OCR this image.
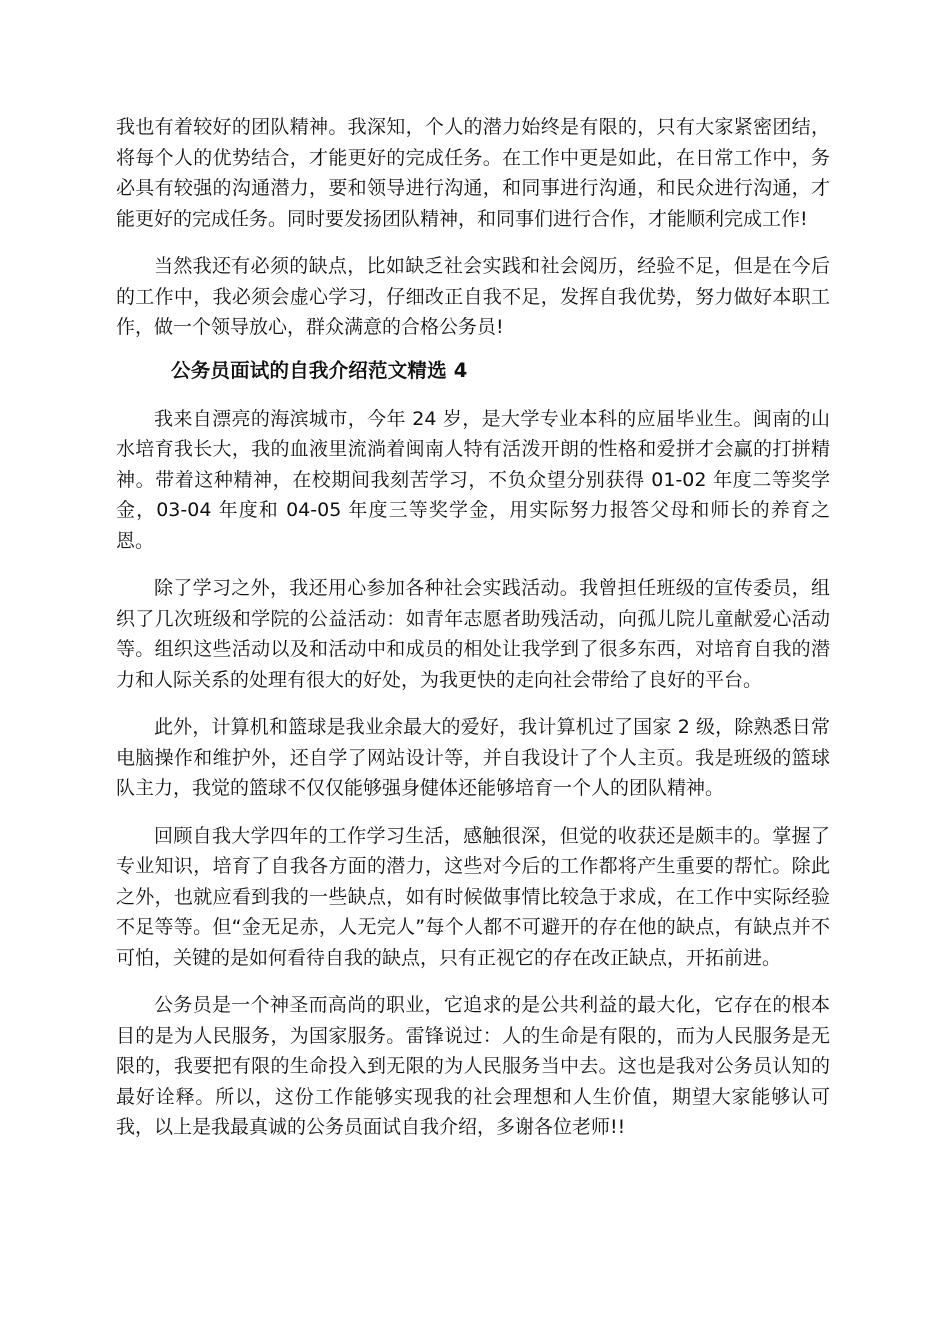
我也有着较好的团队精神。我深知，个人的潜力始终是有限的，只有大家紧密团结，将每个人的优势结合，才能更好的完成任务。在工作中更是如此，在日常工作中，务必具有较强的沟通潜力，要和领导进行沟通，和同事进行沟通，和民众进行沟通，才能更好的完成任务。同时要发扬团队精神，和同事们进行合作，才能顺利完成工作!

当然我还有必须的缺点，比如缺乏社会实践和社会阅历，经验不足，但是在今后的工作中，我必须会虚心学习，仔细改正自我不足，发挥自我优势，努力做好本职工作，做一个领导放心，群众满意的合格公务员!

公务员面试的自我介绍范文精选 4

我来自漂亮的海滨城市，今年 24 岁，是大学专业本科的应届毕业生。闽南的山水培育我长大，我的血液里流淌着闽南人特有活泼开朗的性格和爱拼才会赢的打拼精神。带着这种精神，在校期间我刻苦学习，不负众望分别获得 01-02 年度二等奖学金，03-04 年度和 04-05 年度三等奖学金，用实际努力报答父母和师长的养育之恩。

除了学习之外，我还用心参加各种社会实践活动。我曾担任班级的宣传委员，组织了几次班级和学院的公益活动：如青年志愿者助残活动，向孤儿院儿童献爱心活动等。组织这些活动以及和活动中和成员的相处让我学到了很多东西，对培育自我的潜力和人际关系的处理有很大的好处，为我更快的走向社会带给了良好的平台。

此外，计算机和篮球是我业余最大的爱好，我计算机过了国家 2 级，除熟悉日常电脑操作和维护外，还自学了网站设计等，并自我设计了个人主页。我是班级的篮球队主力，我觉的篮球不仅仅能够强身健体还能够培育一个人的团队精神。

回顾自我大学四年的工作学习生活，感触很深，但觉的收获还是颇丰的。掌握了专业知识，培育了自我各方面的潜力，这些对今后的工作都将产生重要的帮忙。除此之外，也就应看到我的一些缺点，如有时候做事情比较急于求成，在工作中实际经验不足等等。但“金无足赤，人无完人”每个人都不可避开的存在他的缺点，有缺点并不可怕，关键的是如何看待自我的缺点，只有正视它的存在改正缺点，开拓前进。

公务员是一个神圣而高尚的职业，它追求的是公共利益的最大化，它存在的根本目的是为人民服务，为国家服务。雷锋说过：人的生命是有限的，而为人民服务是无限的，我要把有限的生命投入到无限的为人民服务当中去。这也是我对公务员认知的最好诠释。所以，这份工作能够实现我的社会理想和人生价值，期望大家能够认可我，以上是我最真诚的公务员面试自我介绍，多谢各位老师!!
